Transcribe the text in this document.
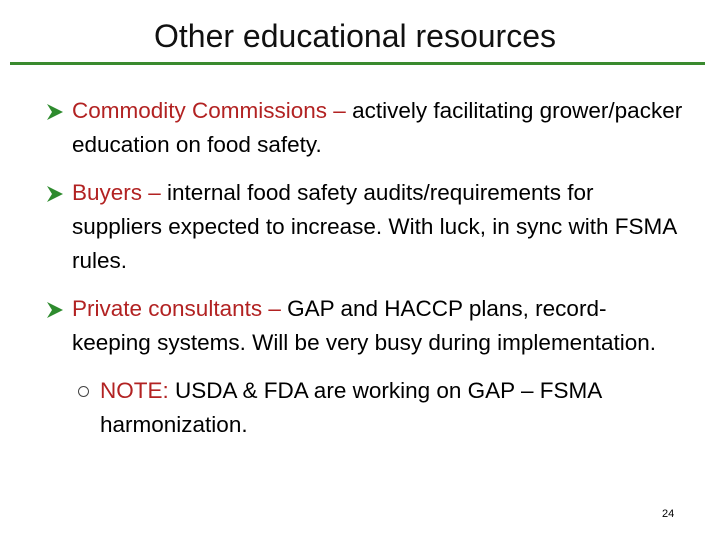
Other educational resources
Commodity Commissions – actively facilitating grower/packer education on food safety.
Buyers – internal food safety audits/requirements for suppliers expected to increase. With luck, in sync with FSMA rules.
Private consultants – GAP and HACCP plans, record-keeping systems. Will be very busy during implementation.
NOTE: USDA & FDA are working on GAP – FSMA harmonization.
24
